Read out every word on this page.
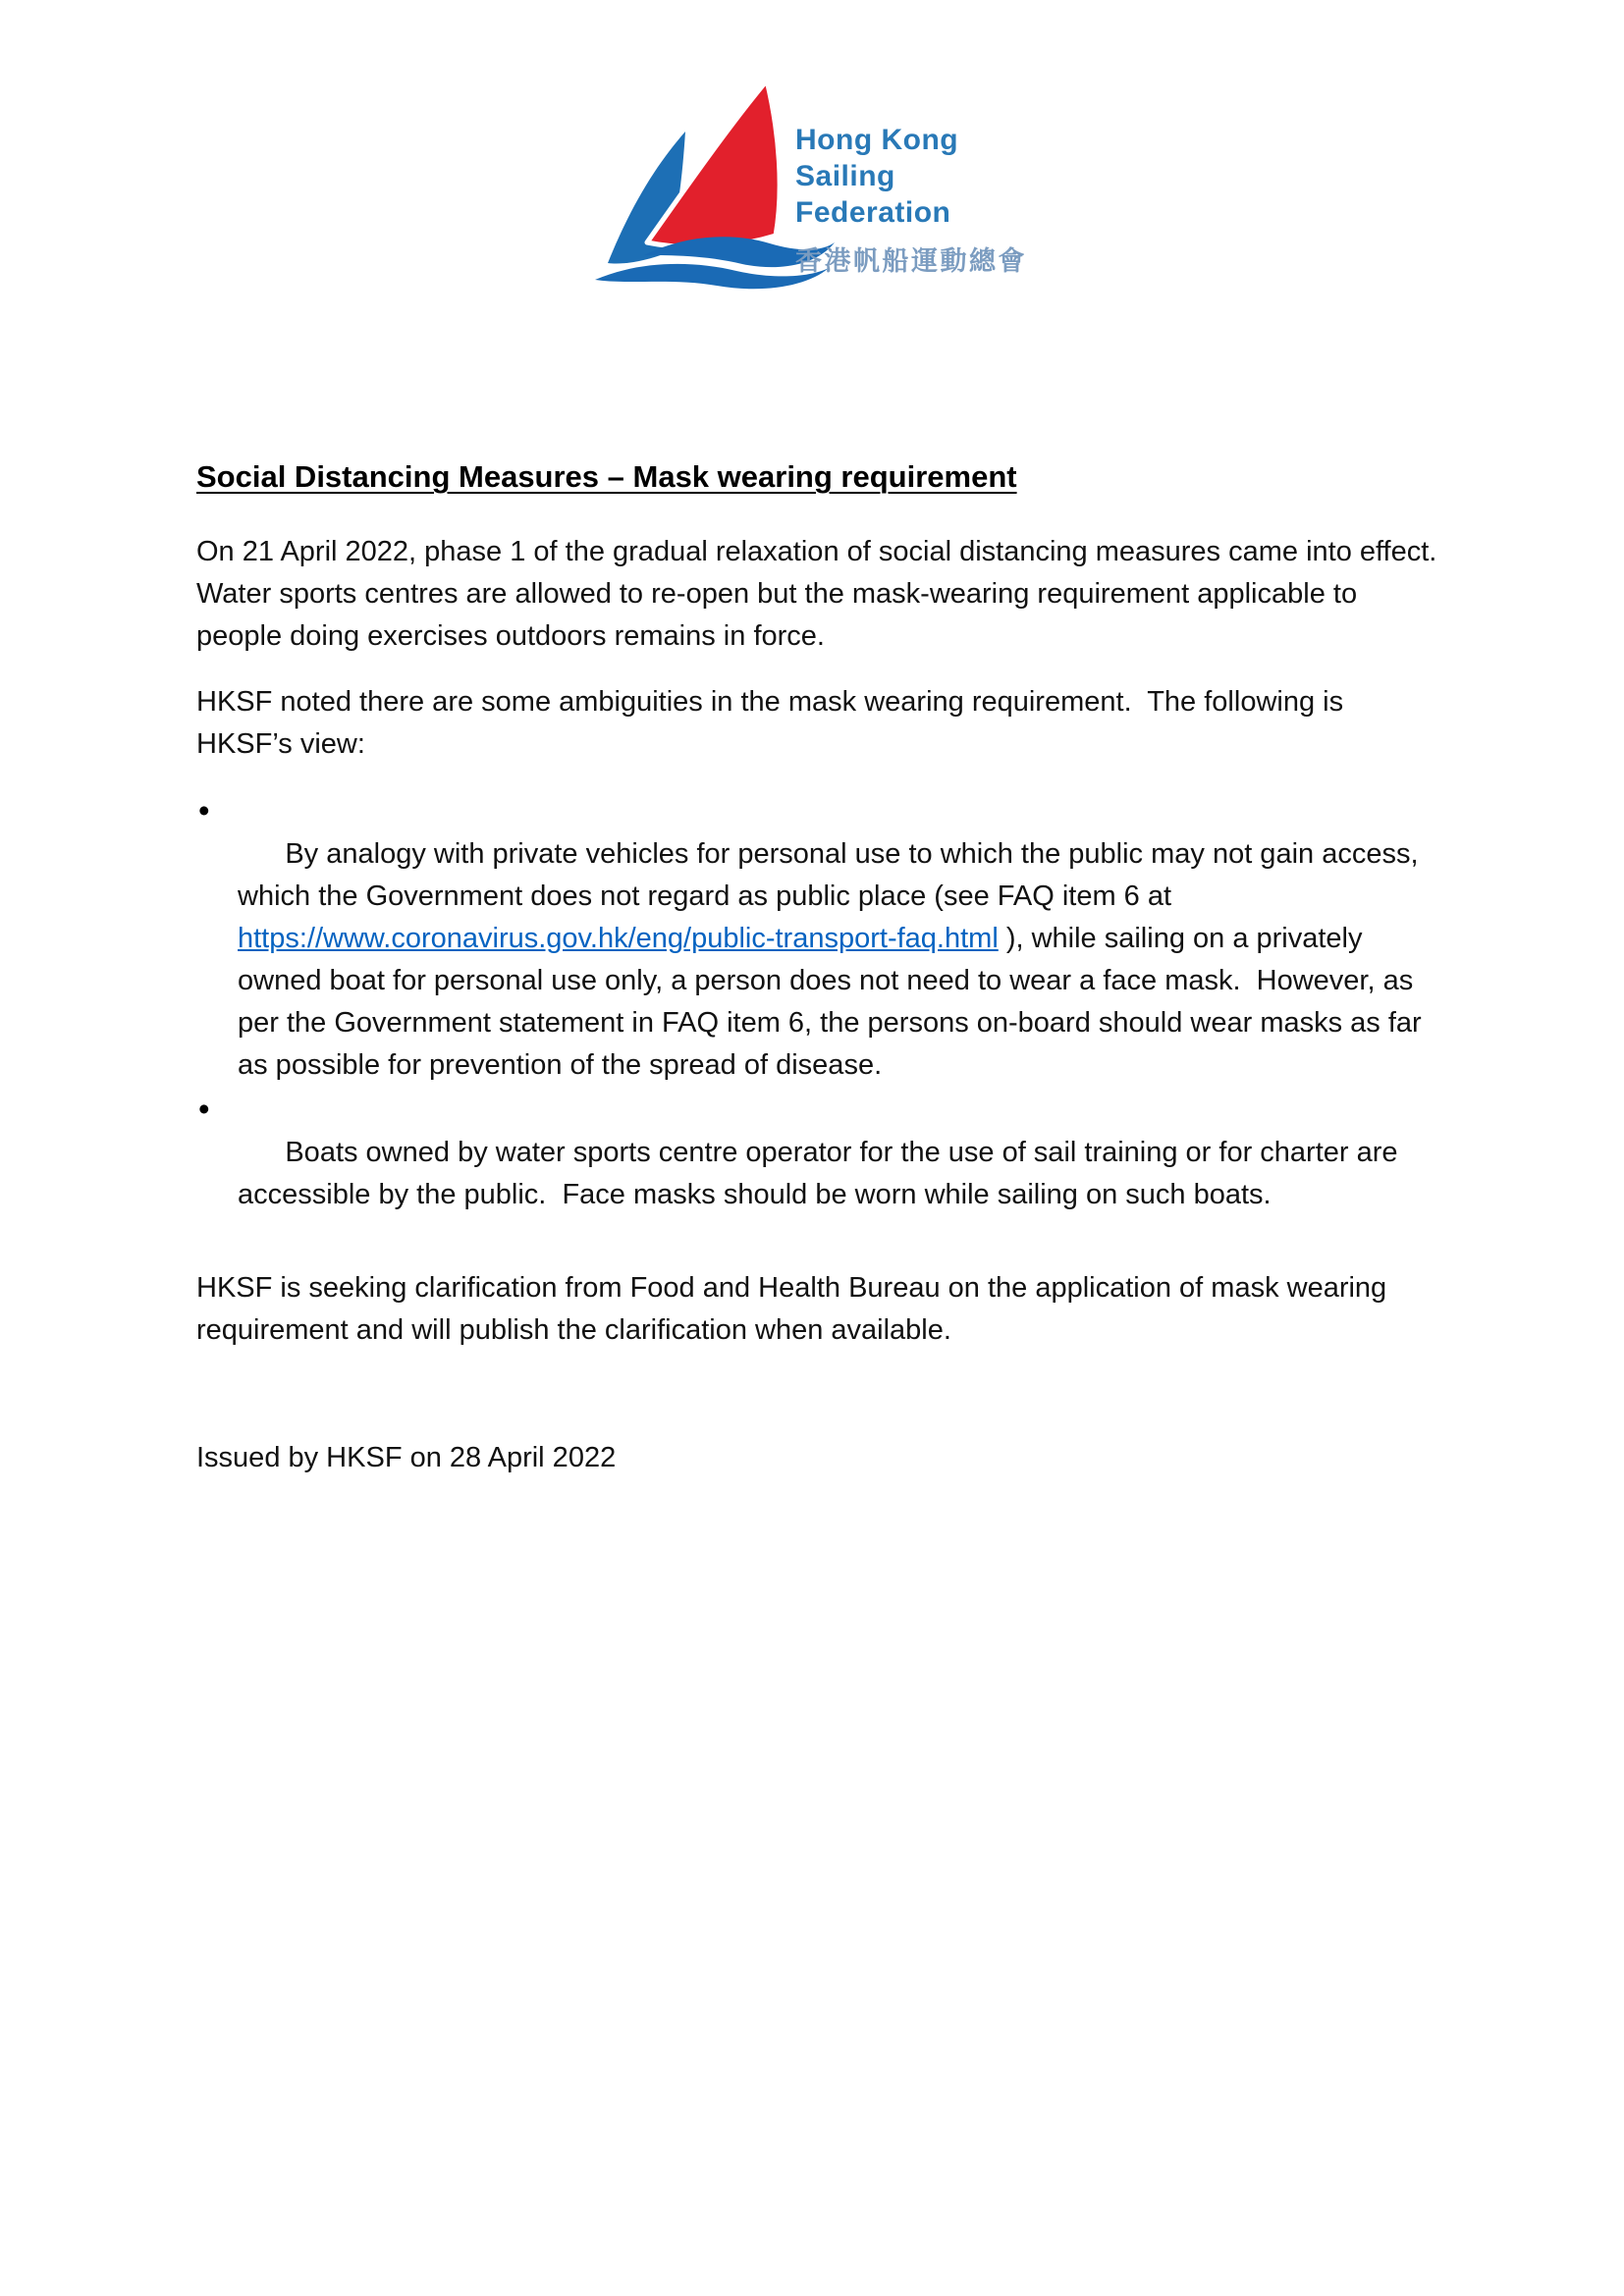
Hong Kong
Sailing Federation
香港帆船運動總會
Social Distancing Measures – Mask wearing requirement

On 21 April 2022, phase 1 of the gradual relaxation of social distancing measures came into effect.  Water sports centres are allowed to re-open but the mask-wearing requirement applicable to people doing exercises outdoors remains in force.

HKSF noted there are some ambiguities in the mask wearing requirement.  The following is HKSF’s view:

•
By analogy with private vehicles for personal use to which the public may not gain access, which the Government does not regard as public place (see FAQ item 6 at https://www.coronavirus.gov.hk/eng/public-transport-faq.html ), while sailing on a privately owned boat for personal use only, a person does not need to wear a face mask.  However, as per the Government statement in FAQ item 6, the persons on-board should wear masks as far as possible for prevention of the spread of disease.

•
Boats owned by water sports centre operator for the use of sail training or for charter are accessible by the public.  Face masks should be worn while sailing on such boats.

HKSF is seeking clarification from Food and Health Bureau on the application of mask wearing requirement and will publish the clarification when available.

Issued by HKSF on 28 April 2022
